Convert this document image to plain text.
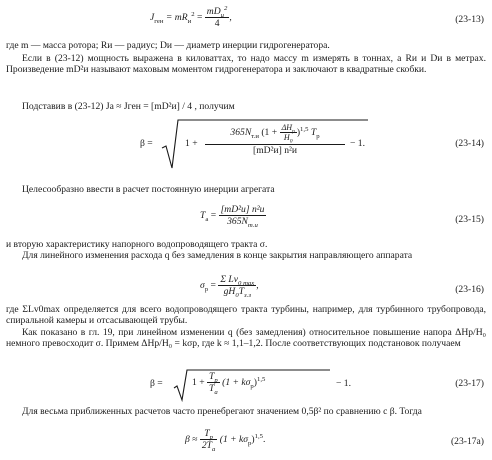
$J_{ген} = mR_и^2 = \frac{mD_и^2}{4}$ ,	(23-13)

где m — масса ротора; Rи — радиус; Dи — диаметр инерции гидрогенератора.

Если в (23-12) мощность выражена в киловаттах, то надо массу m измерять в тоннах, а Rи и Dи в метрах. Произведение mD²и называют маховым моментом гидрогенератора и заключают в квадратные скобки.

Подставив в (23-12) Jа ≈ Jген = [mD²и] / 4 , получим

β =	1 +
$365N_{т.и}$ $(1 + \frac{\Delta H_р}{H_0} )^{1,5}$ $T_р$
[mD²и] n²и
− 1.	(23-14)

Целесообразно ввести в расчет постоянную инерции агрегата

$T_а = \frac{\text{[mD²и] n²и}}{365N_{т.и}}$	(23-15)

и вторую характеристику напорного водопроводящего тракта σ.

Для линейного изменения расхода q без замедления в конце закрытия направляющего аппарата

$\sigma_р = \frac{\Sigma Lv_{0 max}}{gH_0T_{з.з}}$ ,	(23-16)

где ΣLv0max определяется для всего водопроводящего тракта турбины, например, для турбинного трубопровода, спиральной камеры и отсасывающей трубы.

Как показано в гл. 19, при линейном изменении q (без замедления) относительное повышение напора ΔHр/H₀ немного превосходит σ. Примем ΔHр/H₀ = kσр, где k ≈ 1,1–1,2. После соответствующих подстановок получаем

β =	$1 + \frac{T_р}{T_а} (1 + k\sigma_р)^{1,5}$	− 1.	(23-17)

Для весьма приближенных расчетов часто пренебрегают значением 0,5β² по сравнению с β. Тогда

$\beta \approx \frac{T_р}{2T_а} (1 + k\sigma_р)^{1,5}$.	(23-17а)
